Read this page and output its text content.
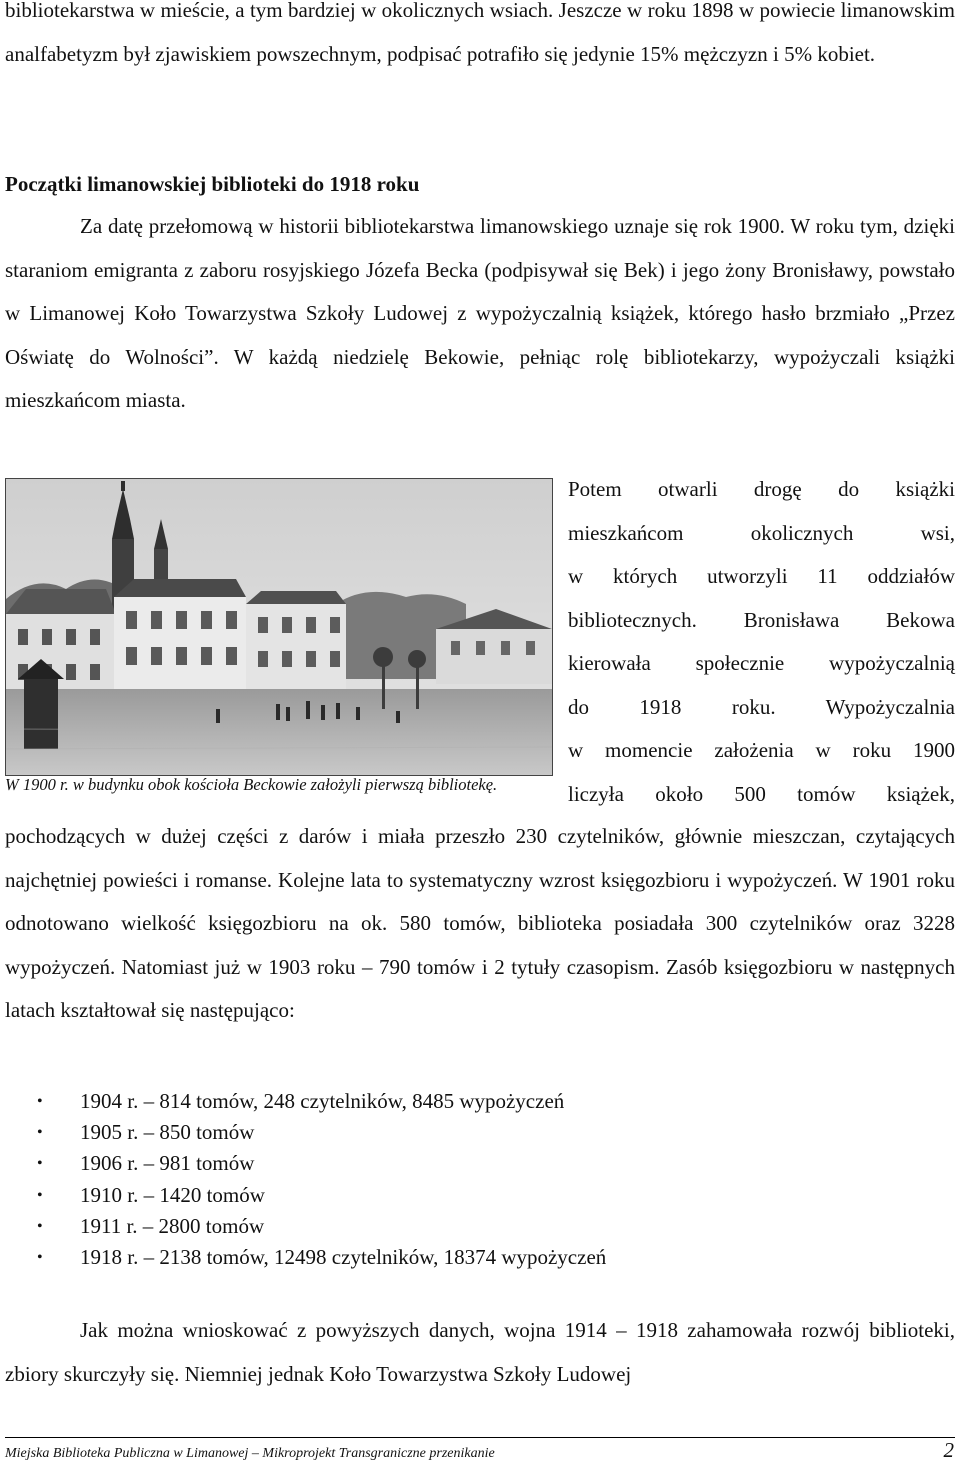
bibliotekarstwa w mieście, a tym bardziej w okolicznych wsiach. Jeszcze w roku 1898 w powiecie limanowskim analfabetyzm był zjawiskiem powszechnym, podpisać potrafiło się jedynie 15% mężczyzn i 5% kobiet.

Początki limanowskiej biblioteki do 1918 roku

Za datę przełomową w historii bibliotekarstwa limanowskiego uznaje się rok 1900. W roku tym, dzięki staraniom emigranta z zaboru rosyjskiego Józefa Becka (podpisywał się Bek) i jego żony Bronisławy, powstało w Limanowej Koło Towarzystwa Szkoły Ludowej z wypożyczalnią książek, którego hasło brzmiało „Przez Oświatę do Wolności”. W każdą niedzielę Bekowie, pełniąc rolę bibliotekarzy, wypożyczali książki mieszkańcom miasta.

W 1900 r. w budynku obok kościoła Beckowie założyli pierwszą bibliotekę.

Potem otwarli drogę do książki
mieszkańcom okolicznych wsi,
w których utworzyli 11 oddziałów
bibliotecznych. Bronisława Bekowa
kierowała społecznie wypożyczalnią
do 1918 roku. Wypożyczalnia
w momencie założenia w roku 1900
liczyła około 500 tomów książek,

pochodzących w dużej części z darów i miała przeszło 230 czytelników, głównie mieszczan, czytających najchętniej powieści i romanse. Kolejne lata to systematyczny wzrost księgozbioru i wypożyczeń. W 1901 roku odnotowano wielkość księgozbioru na ok. 580 tomów, biblioteka posiadała 300 czytelników oraz 3228 wypożyczeń. Natomiast już w 1903 roku – 790 tomów i 2 tytuły czasopism. Zasób księgozbioru w następnych latach kształtował się następująco:

• 1904 r. – 814 tomów, 248 czytelników, 8485 wypożyczeń
• 1905 r. – 850 tomów
• 1906 r. – 981 tomów
• 1910 r. – 1420 tomów
• 1911 r. – 2800 tomów
• 1918 r. – 2138 tomów, 12498 czytelników, 18374 wypożyczeń

Jak można wnioskować z powyższych danych, wojna 1914 – 1918 zahamowała rozwój biblioteki, zbiory skurczyły się. Niemniej jednak Koło Towarzystwa Szkoły Ludowej

Miejska Biblioteka Publiczna w Limanowej – Mikroprojekt Transgraniczne przenikanie	2
